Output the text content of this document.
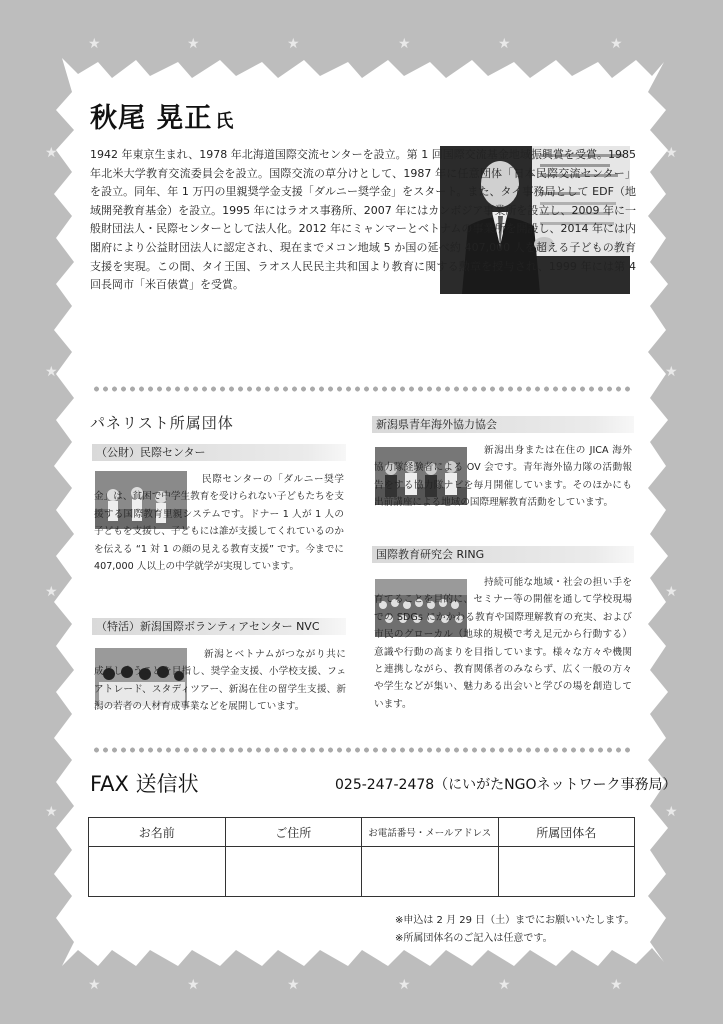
★	★	★	★	★	★
★
★
★
★
★
★
★
★
★	★	★	★	★	★
秋尾 晃正 氏
1942 年東京生まれ、1978 年北海道国際交流センターを設立。第 1 回国際交流基金地域振興賞を受賞。1985 年北米大学教育交流委員会を設立。国際交流の草分けとして、1987 年に任意団体「日本民際交流センター」を設立。同年、年 1 万円の里親奨学金支援「ダルニー奨学金」をスタート。また、タイ事務局として EDF（地域開発教育基金）を設立。1995 年にはラオス事務所、2007 年にはカンボジア事業所を設立し、2009 年に一般財団法人・民際センターとして法人化。2012 年にミャンマーとベトナムの事業所を開設し、2014 年には内閣府により公益財団法人に認定され、現在までメコン地域 5 か国の延べ約 407,000 人を超える子どもの教育支援を実現。この間、タイ王国、ラオス人民民主共和国より教育に関する勲章を授与され、1999 年には第 4 回長岡市「米百俵賞」を受賞。
パネリスト所属団体
（公財）民際センター
民際センターの「ダルニー奨学金」は、貧困で中学生教育を受けられない子どもたちを支援する国際教育里親システムです。ドナー 1 人が 1 人の子どもを支援し、子どもには誰が支援してくれているのかを伝える “1 対 1 の顔の見える教育支援” です。今までに 407,000 人以上の中学就学が実現しています。
（特活）新潟国際ボランティアセンター NVC
新潟とベトナムがつながり共に成長し合うことを目指し、奨学金支援、小学校支援、フェアトレード、スタディツアー、新潟在住の留学生支援、新潟の若者の人材育成事業などを展開しています。
新潟県青年海外協力協会
新潟出身または在住の JICA 海外協力隊経験者による OV 会です。青年海外協力隊の活動報告をする協力隊ナビを毎月開催しています。そのほかにも出前講座による地域の国際理解教育活動をしています。
国際教育研究会 RING
持続可能な地域・社会の担い手を育てることを目的に、セミナー等の開催を通して学校現場での SDGs にかかわる教育や国際理解教育の充実、および市民のグローカル（地球的規模で考え足元から行動する）意識や行動の高まりを目指しています。様々な方々や機関と連携しながら、教育関係者のみならず、広く一般の方々や学生などが集い、魅力ある出会いと学びの場を創造しています。
FAX 送信状	025-247-2478（にいがたNGOネットワーク事務局）
お名前	ご住所	お電話番号・メールアドレス	所属団体名

※申込は 2 月 29 日（土）までにお願いいたします。
※所属団体名のご記入は任意です。
